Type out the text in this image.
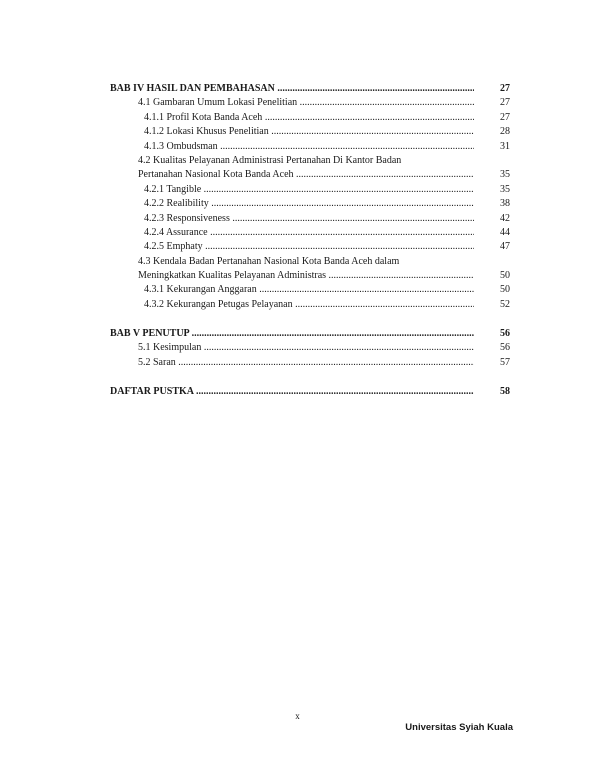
BAB IV HASIL DAN PEMBAHASAN .....	27
4.1 Gambaran Umum Lokasi Penelitian .....	27
4.1.1 Profil Kota Banda Aceh .....	27
4.1.2 Lokasi Khusus Penelitian .....	28
4.1.3 Ombudsman .....	31
4.2 Kualitas Pelayanan Administrasi Pertanahan Di Kantor Badan
Pertanahan Nasional Kota Banda Aceh .....	35
4.2.1 Tangible .....	35
4.2.2 Realibility .....	38
4.2.3 Responsiveness .....	42
4.2.4 Assurance .....	44
4.2.5 Emphaty .....	47
4.3 Kendala Badan Pertanahan Nasional Kota Banda Aceh dalam
Meningkatkan Kualitas Pelayanan Administras .....	50
4.3.1 Kekurangan Anggaran .....	50
4.3.2 Kekurangan Petugas Pelayanan .....	52
BAB V PENUTUP .....	56
5.1 Kesimpulan .....	56
5.2 Saran .....	57
DAFTAR PUSTKA .....	58
x
Universitas Syiah Kuala
